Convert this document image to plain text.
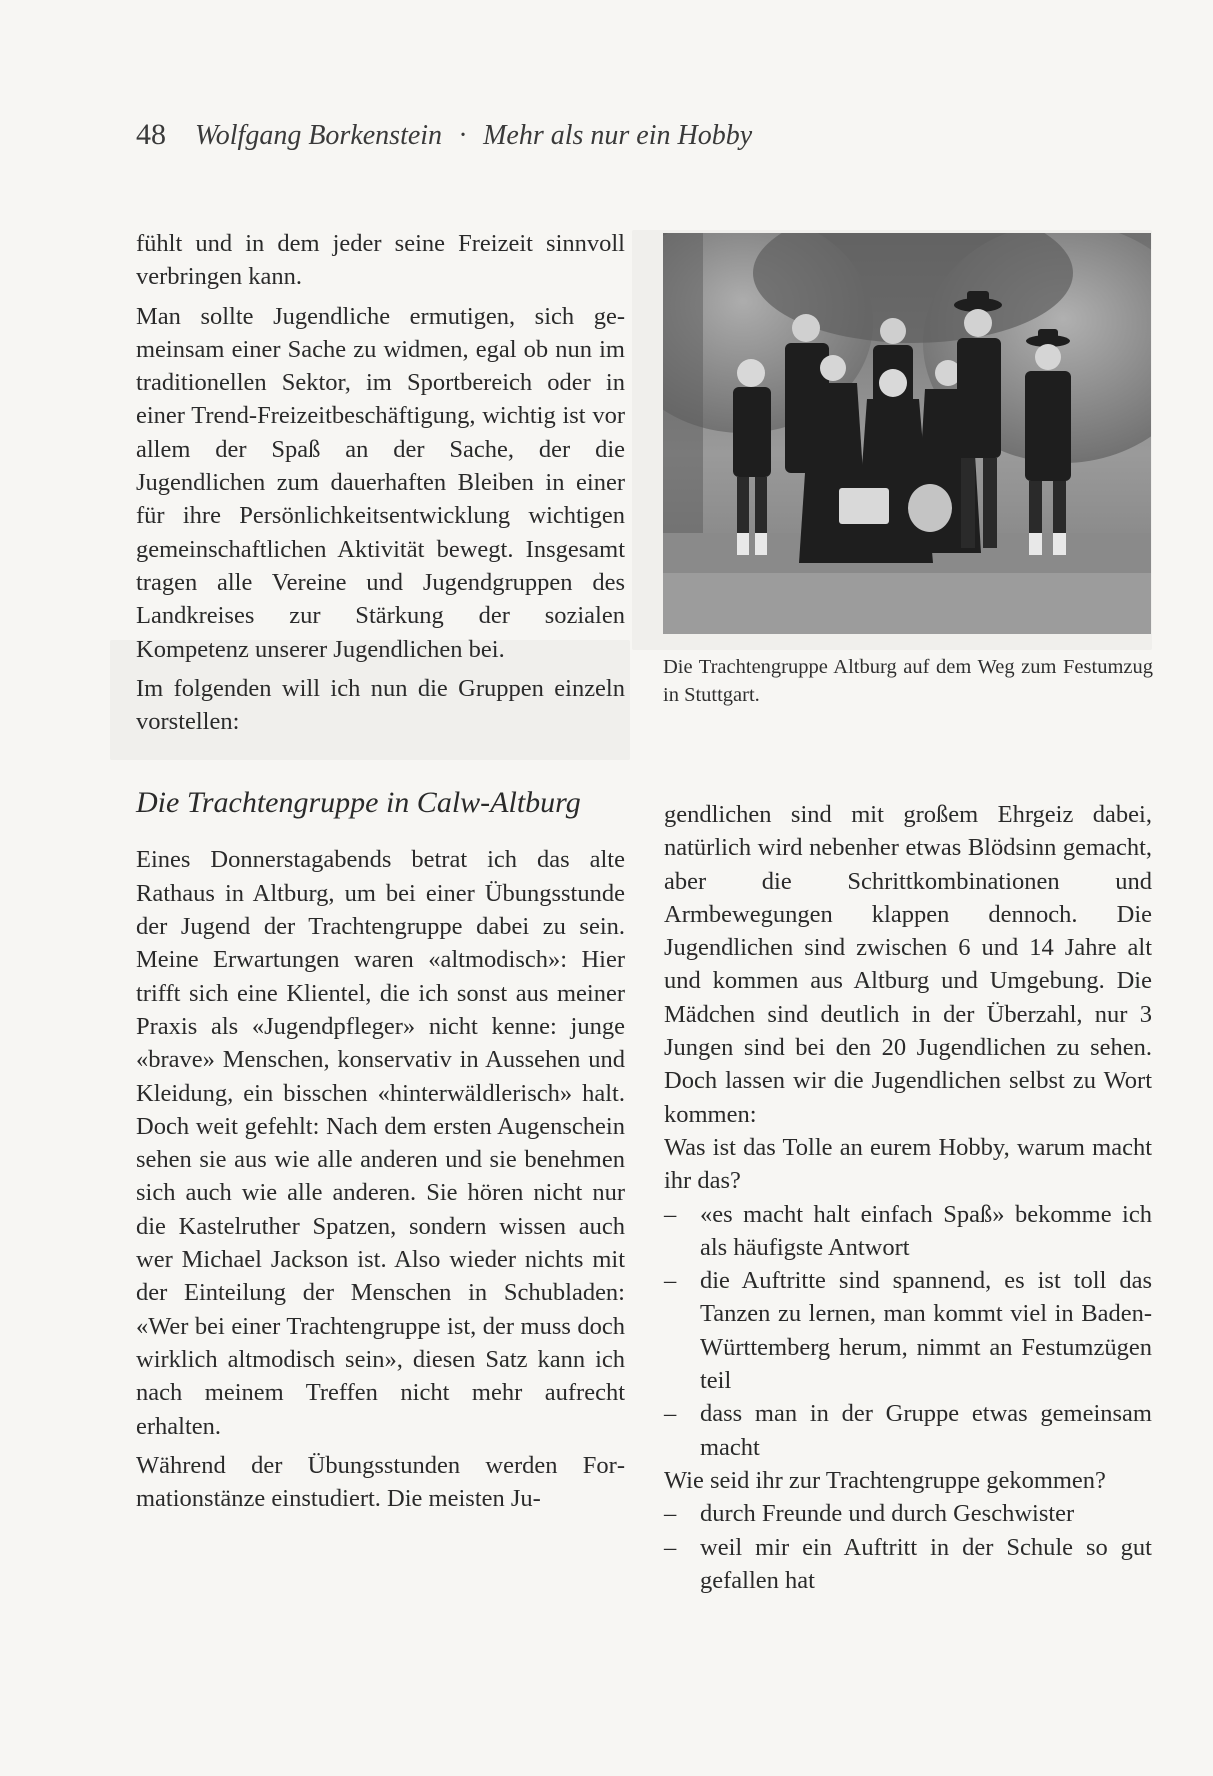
48 Wolfgang Borkenstein · Mehr als nur ein Hobby

fühlt und in dem jeder seine Freizeit sinnvoll verbringen kann.

Man sollte Jugendliche ermutigen, sich gemeinsam einer Sache zu widmen, egal ob nun im traditionellen Sektor, im Sportbereich oder in einer Trend-Freizeitbeschäftigung, wichtig ist vor allem der Spaß an der Sache, der die Jugendlichen zum dauerhaften Bleiben in einer für ihre Persönlichkeitsentwicklung wichtigen gemeinschaftlichen Aktivität bewegt. Insgesamt tragen alle Vereine und Jugendgruppen des Landkreises zur Stärkung der sozialen Kompetenz unserer Jugendlichen bei.

Im folgenden will ich nun die Gruppen einzeln vorstellen:

Die Trachtengruppe in Calw-Altburg

Eines Donnerstagabends betrat ich das alte Rathaus in Altburg, um bei einer Übungsstunde der Jugend der Trachtengruppe dabei zu sein. Meine Erwartungen waren «altmodisch»: Hier trifft sich eine Klientel, die ich sonst aus meiner Praxis als «Jugendpfleger» nicht kenne: junge «brave» Menschen, konservativ in Aussehen und Kleidung, ein bisschen «hinterwäldlerisch» halt. Doch weit gefehlt: Nach dem ersten Augenschein sehen sie aus wie alle anderen und sie benehmen sich auch wie alle anderen. Sie hören nicht nur die Kastelruther Spatzen, sondern wissen auch wer Michael Jackson ist. Also wieder nichts mit der Einteilung der Menschen in Schubladen: «Wer bei einer Trachtengruppe ist, der muss doch wirklich altmodisch sein», diesen Satz kann ich nach meinem Treffen nicht mehr aufrecht erhalten.

Während der Übungsstunden werden Formationstänze einstudiert. Die meisten Ju-

Die Trachtengruppe Altburg auf dem Weg zum Festumzug in Stuttgart.

gendlichen sind mit großem Ehrgeiz dabei, natürlich wird nebenher etwas Blödsinn gemacht, aber die Schrittkombinationen und Armbewegungen klappen dennoch. Die Jugendlichen sind zwischen 6 und 14 Jahre alt und kommen aus Altburg und Umgebung. Die Mädchen sind deutlich in der Überzahl, nur 3 Jungen sind bei den 20 Jugendlichen zu sehen. Doch lassen wir die Jugendlichen selbst zu Wort kommen:

Was ist das Tolle an eurem Hobby, warum macht ihr das?

– «es macht halt einfach Spaß» bekomme ich als häufigste Antwort
– die Auftritte sind spannend, es ist toll das Tanzen zu lernen, man kommt viel in Baden-Württemberg herum, nimmt an Festumzügen teil
– dass man in der Gruppe etwas gemeinsam macht

Wie seid ihr zur Trachtengruppe gekommen?

– durch Freunde und durch Geschwister
– weil mir ein Auftritt in der Schule so gut gefallen hat
